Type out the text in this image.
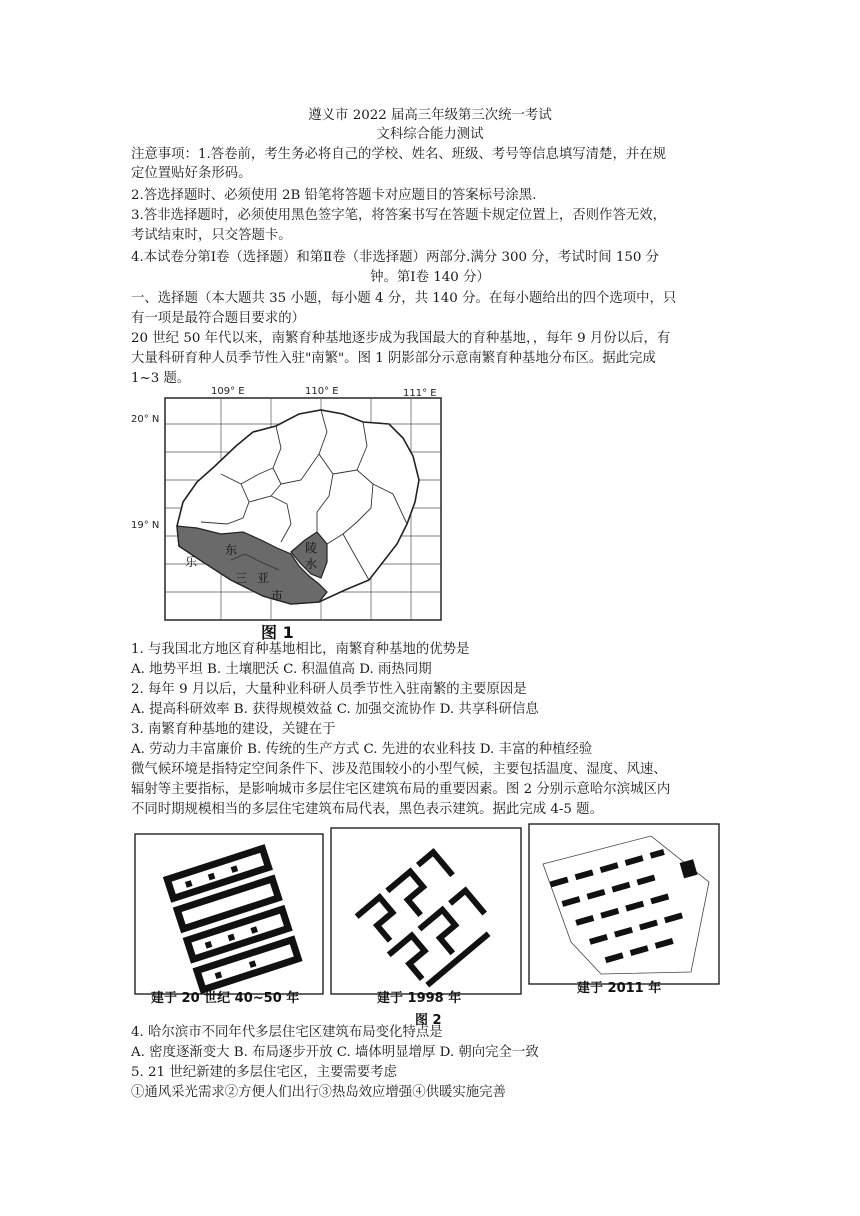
遵义市 2022 届高三年级第三次统一考试
文科综合能力测试
注意事项：1.答卷前，考生务必将自己的学校、姓名、班级、考号等信息填写清楚，并在规
定位置贴好条形码。
2.答选择题时、必须使用 2B 铅笔将答题卡对应题目的答案标号涂黑.
3.答非选择题时，必须使用黑色签字笔，将答案书写在答题卡规定位置上，否则作答无效，
考试结束时，只交答题卡。
4.本试卷分第Ⅰ卷（选择题）和第Ⅱ卷（非选择题）两部分.满分 300 分，考试时间 150 分
钟。第Ⅰ卷 140 分）
一、选择题（本大题共 35 小题，每小题 4 分，共 140 分。在每小题给出的四个选项中，只
有一项是最符合题目要求的）
20 世纪 50 年代以来，南繁育种基地逐步成为我国最大的育种基地，，每年 9 月份以后，有
大量科研育种人员季节性入驻"南繁"。图 1 阴影部分示意南繁育种基地分布区。据此完成
1~3 题。
109° E	110° E	111° E
20° N
19° N
乐
东
三 亚
市
陵
水
图 1
1. 与我国北方地区育种基地相比，南繁育种基地的优势是
A. 地势平坦 B. 土壤肥沃 C. 积温值高 D. 雨热同期
2. 每年 9 月以后，大量种业科研人员季节性入驻南繁的主要原因是
A. 提高科研效率 B. 获得规模效益 C. 加强交流协作 D. 共享科研信息
3. 南繁育种基地的建设，关键在于
A. 劳动力丰富廉价 B. 传统的生产方式 C. 先进的农业科技 D. 丰富的种植经验
微气候环境是指特定空间条件下、涉及范围较小的小型气候，主要包括温度、湿度、风速、
辐射等主要指标，是影响城市多层住宅区建筑布局的重要因素。图 2 分别示意哈尔滨城区内
不同时期规模相当的多层住宅建筑布局代表，黑色表示建筑。据此完成 4-5 题。
建于 20 世纪 40~50 年	建于 1998 年
建于 2011 年
图 2
4. 哈尔滨市不同年代多层住宅区建筑布局变化特点是
A. 密度逐渐变大 B. 布局逐步开放 C. 墙体明显增厚 D. 朝向完全一致
5. 21 世纪新建的多层住宅区，主要需要考虑
①通风采光需求②方便人们出行③热岛效应增强④供暖实施完善
